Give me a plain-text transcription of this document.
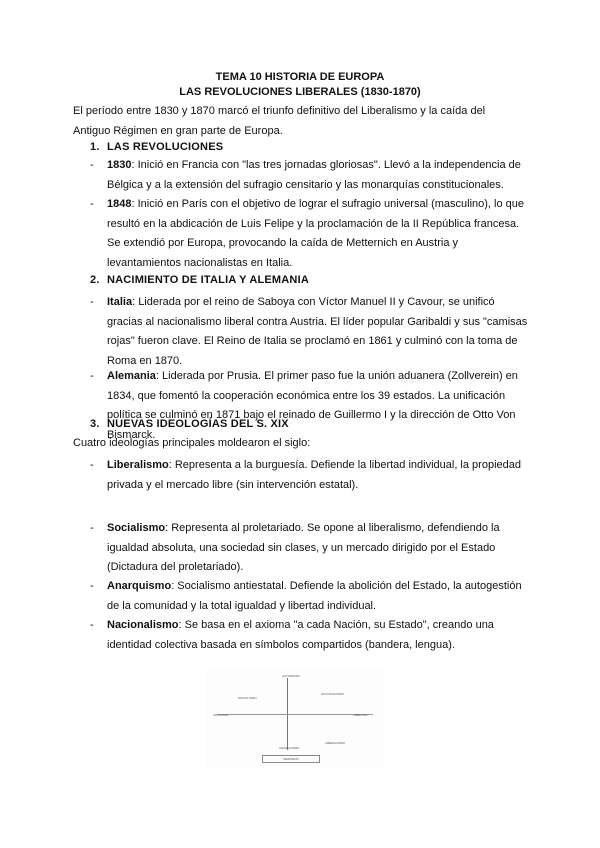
TEMA 10 HISTORIA DE EUROPA
LAS REVOLUCIONES LIBERALES (1830-1870)
El período entre 1830 y 1870 marcó el triunfo definitivo del Liberalismo y la caída del Antiguo Régimen en gran parte de Europa.
1. LAS REVOLUCIONES
- 1830: Inició en Francia con "las tres jornadas gloriosas". Llevó a la independencia de Bélgica y a la extensión del sufragio censitario y las monarquías constitucionales.
- 1848: Inició en París con el objetivo de lograr el sufragio universal (masculino), lo que resultó en la abdicación de Luis Felipe y la proclamación de la II República francesa. Se extendió por Europa, provocando la caída de Metternich en Austria y levantamientos nacionalistas en Italia.
2. NACIMIENTO DE ITALIA Y ALEMANIA
- Italia: Liderada por el reino de Saboya con Víctor Manuel II y Cavour, se unificó gracias al nacionalismo liberal contra Austria. El líder popular Garibaldi y sus "camisas rojas" fueron clave. El Reino de Italia se proclamó en 1861 y culminó con la toma de Roma en 1870.
- Alemania: Liderada por Prusia. El primer paso fue la unión aduanera (Zollverein) en 1834, que fomentó la cooperación económica entre los 39 estados. La unificación política se culminó en 1871 bajo el reinado de Guillermo I y la dirección de Otto Von Bismarck.
3. NUEVAS IDEOLOGÍAS DEL S. XIX
Cuatro ideologías principales moldearon el siglo:
- Liberalismo: Representa a la burguesía. Defiende la libertad individual, la propiedad privada y el mercado libre (sin intervención estatal).
- Socialismo: Representa al proletariado. Se opone al liberalismo, defendiendo la igualdad absoluta, una sociedad sin clases, y un mercado dirigido por el Estado (Dictadura del proletariado).
- Anarquismo: Socialismo antiestatal. Defiende la abolición del Estado, la autogestión de la comunidad y la total igualdad y libertad individual.
- Nacionalismo: Se basa en el axioma "a cada Nación, su Estado", creando una identidad colectiva basada en símbolos compartidos (bandera, lengua).
AUTORIDAD
SOCIALISMO
NACIONALISMO
IGUALDAD	LIBERTAD
ANARQUISMO
LIBERALISMO
INDIVIDUO
